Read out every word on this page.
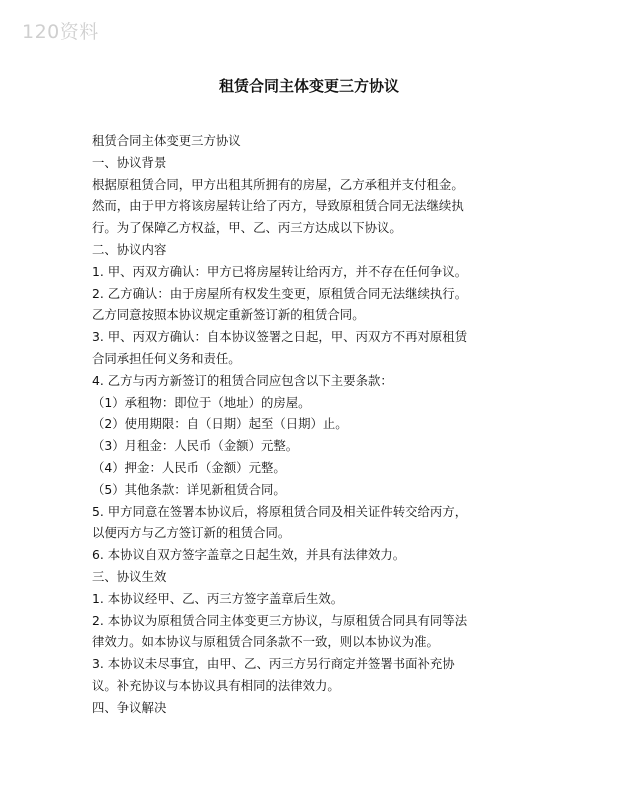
120资料
租赁合同主体变更三方协议
租赁合同主体变更三方协议
一、协议背景
根据原租赁合同，甲方出租其所拥有的房屋，乙方承租并支付租金。
然而，由于甲方将该房屋转让给了丙方，导致原租赁合同无法继续执
行。为了保障乙方权益，甲、乙、丙三方达成以下协议。
二、协议内容
1. 甲、丙双方确认：甲方已将房屋转让给丙方，并不存在任何争议。
2. 乙方确认：由于房屋所有权发生变更，原租赁合同无法继续执行。
乙方同意按照本协议规定重新签订新的租赁合同。
3. 甲、丙双方确认：自本协议签署之日起，甲、丙双方不再对原租赁
合同承担任何义务和责任。
4. 乙方与丙方新签订的租赁合同应包含以下主要条款：
（1）承租物：即位于（地址）的房屋。
（2）使用期限：自（日期）起至（日期）止。
（3）月租金：人民币（金额）元整。
（4）押金：人民币（金额）元整。
（5）其他条款：详见新租赁合同。
5. 甲方同意在签署本协议后，将原租赁合同及相关证件转交给丙方，
以便丙方与乙方签订新的租赁合同。
6. 本协议自双方签字盖章之日起生效，并具有法律效力。
三、协议生效
1. 本协议经甲、乙、丙三方签字盖章后生效。
2. 本协议为原租赁合同主体变更三方协议，与原租赁合同具有同等法
律效力。如本协议与原租赁合同条款不一致，则以本协议为准。
3. 本协议未尽事宜，由甲、乙、丙三方另行商定并签署书面补充协
议。补充协议与本协议具有相同的法律效力。
四、争议解决
